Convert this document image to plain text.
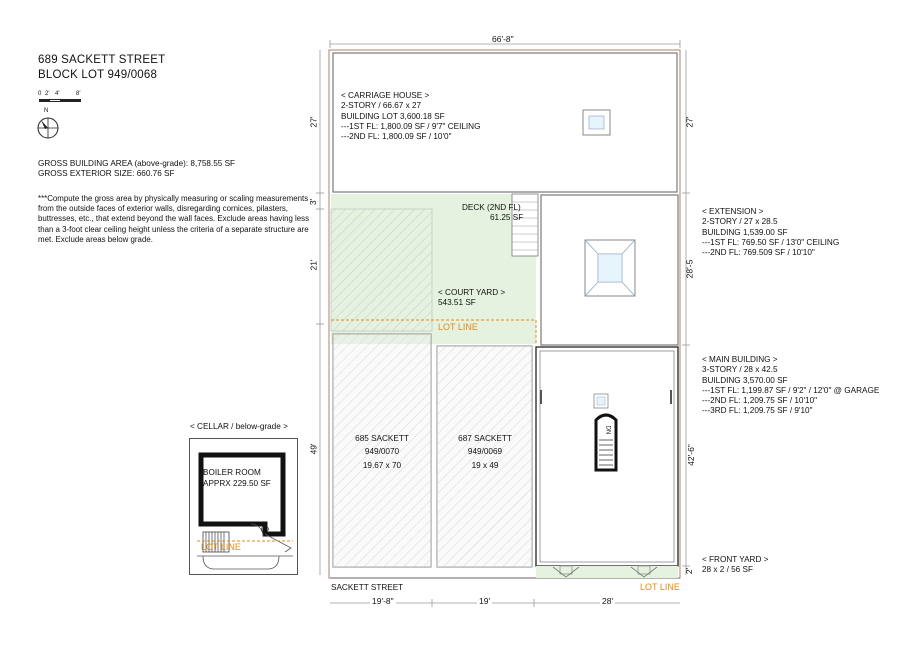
689 SACKETT STREET
BLOCK LOT 949/0068
0 2' 4'	8'
N
GROSS BUILDING AREA (above-grade): 8,758.55 SF
GROSS EXTERIOR SIZE: 660.76 SF
***Compute the gross area by physically measuring or scaling measurements from the outside faces of exterior walls, disregarding cornices, pilasters, buttresses, etc., that extend beyond the wall faces. Exclude areas having less than a 3-foot clear ceiling height unless the criteria of a separate structure are met. Exclude areas below grade.
< CELLAR / below-grade >
BOILER ROOM
APPRX 229.50 SF
LOT LINE
UP
66'-8"
27'
3'
21'
49'
27'
28'-5
42'-6"
2'
19'-8"	19'	28'
< CARRIAGE HOUSE >
2-STORY / 66.67 x 27
BUILDING LOT 3,600.18 SF
---1ST FL: 1,800.09 SF / 9'7" CEILING
---2ND FL: 1,800.09 SF / 10'0"
DECK (2ND FL)
61.25 SF
< COURT YARD >
543.51 SF
LOT LINE
685 SACKETT
949/0070
19.67 x 70
687 SACKETT
949/0069
19 x 49
DN
SACKETT STREET	LOT LINE
< EXTENSION >
2-STORY / 27 x 28.5
BUILDING 1,539.00 SF
---1ST FL: 769.50 SF / 13'0" CEILING
---2ND FL: 769.509 SF / 10'10"
< MAIN BUILDING >
3-STORY / 28 x 42.5
BUILDING 3,570.00 SF
---1ST FL: 1,199.87 SF / 9'2" / 12'0" @ GARAGE
---2ND FL: 1,209.75 SF / 10'10"
---3RD FL: 1,209.75 SF / 9'10"
< FRONT YARD >
28 x 2 / 56 SF
